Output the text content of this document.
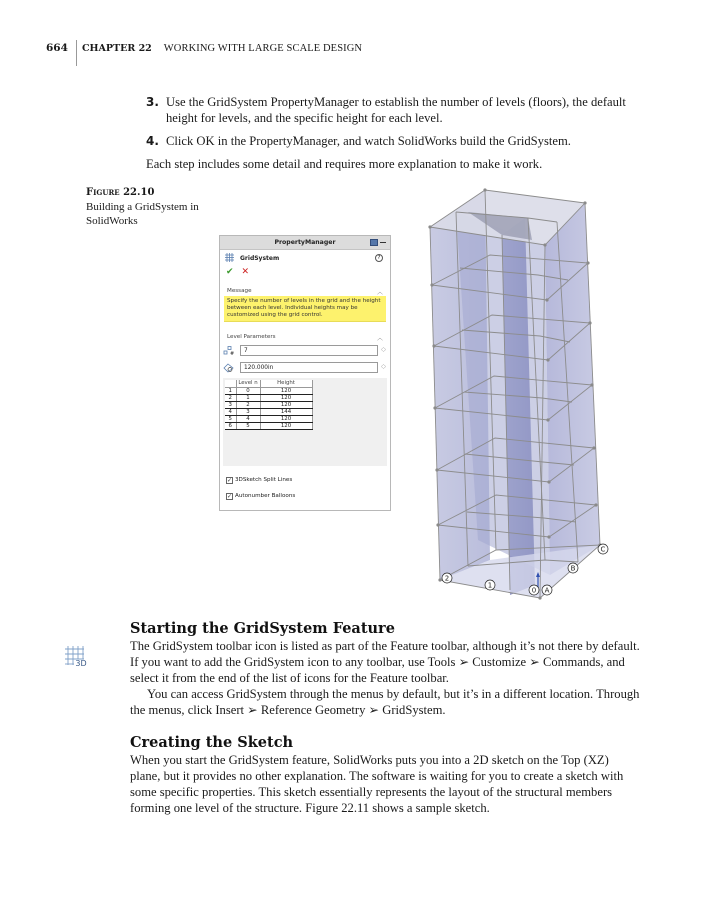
664	CHAPTER 22 WORKING WITH LARGE SCALE DESIGN
3. Use the GridSystem PropertyManager to establish the number of levels (floors), the default height for levels, and the specific height for each level.
4. Click OK in the PropertyManager, and watch SolidWorks build the GridSystem.
Each step includes some detail and requires more explanation to make it work.
Figure 22.10
Building a GridSystem in SolidWorks
PropertyManager
GridSystem	?
✔ ✕
Message	︿
Specify the number of levels in the grid and the height between each level. Individual heights may be customized using the grid control.
Level Parameters	︿
#	7	︿
﹀
120.000in	︿
﹀
	Level n	Height
1	0	120
2	1	120
3	2	120
4	3	144
5	4	120
6	5	120
✓ 3DSketch Split Lines
✓ Autonumber Balloons
2
1
0 A
B
C
3D
Starting the GridSystem Feature
The GridSystem toolbar icon is listed as part of the Feature toolbar, although it’s not there by default. If you want to add the GridSystem icon to any toolbar, use Tools ➢ Customize ➢ Commands, and select it from the end of the list of icons for the Feature toolbar.
You can access GridSystem through the menus by default, but it’s in a different location. Through the menus, click Insert ➢ Reference Geometry ➢ GridSystem.
Creating the Sketch
When you start the GridSystem feature, SolidWorks puts you into a 2D sketch on the Top (XZ) plane, but it provides no other explanation. The software is waiting for you to create a sketch with some specific properties. This sketch essentially represents the layout of the structural members forming one level of the structure. Figure 22.11 shows a sample sketch.
